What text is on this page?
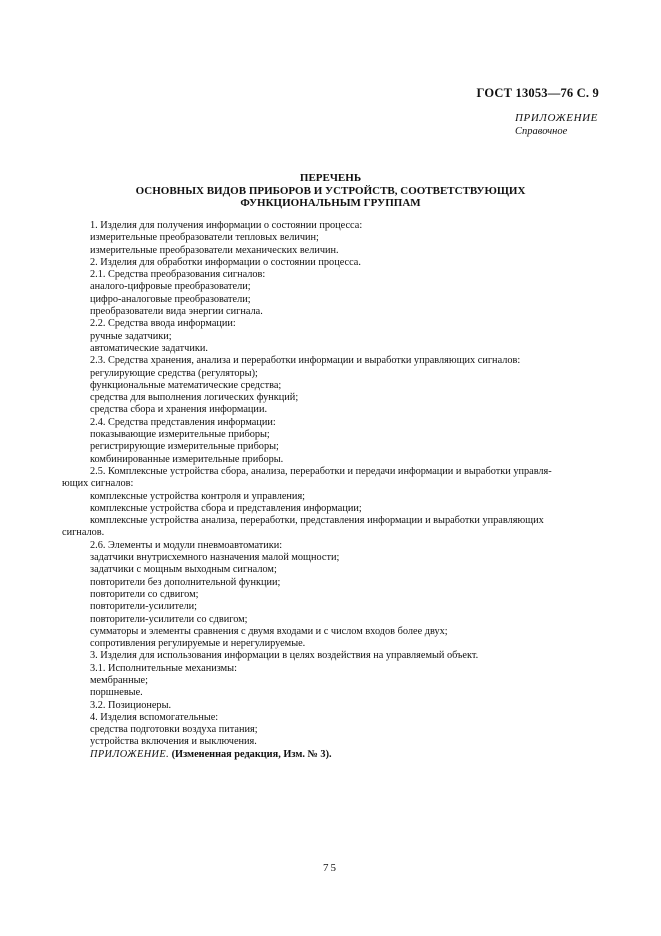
ГОСТ 13053—76 С. 9
ПРИЛОЖЕНИЕ
Справочное
ПЕРЕЧЕНЬ
ОСНОВНЫХ ВИДОВ ПРИБОРОВ И УСТРОЙСТВ, СООТВЕТСТВУЮЩИХ
ФУНКЦИОНАЛЬНЫМ ГРУППАМ
1. Изделия для получения информации о состоянии процесса:
измерительные преобразователи тепловых величин;
измерительные преобразователи механических величин.
2. Изделия для обработки информации о состоянии процесса.
2.1. Средства преобразования сигналов:
аналого-цифровые преобразователи;
цифро-аналоговые преобразователи;
преобразователи вида энергии сигнала.
2.2. Средства ввода информации:
ручные задатчики;
автоматические задатчики.
2.3. Средства хранения, анализа и переработки информации и выработки управляющих сигналов:
регулирующие средства (регуляторы);
функциональные математические средства;
средства для выполнения логических функций;
средства сбора и хранения информации.
2.4. Средства представления информации:
показывающие измерительные приборы;
регистрирующие измерительные приборы;
комбинированные измерительные приборы.
2.5. Комплексные устройства сбора, анализа, переработки и передачи информации и выработки управля-
ющих сигналов:
комплексные устройства контроля и управления;
комплексные устройства сбора и представления информации;
комплексные устройства анализа, переработки, представления информации и выработки управляющих
сигналов.
2.6. Элементы и модули пневмоавтоматики:
задатчики внутрисхемного назначения малой мощности;
задатчики с мощным выходным сигналом;
повторители без дополнительной функции;
повторители со сдвигом;
повторители-усилители;
повторители-усилители со сдвигом;
сумматоры и элементы сравнения с двумя входами и с числом входов более двух;
сопротивления регулируемые и нерегулируемые.
3. Изделия для использования информации в целях воздействия на управляемый объект.
3.1. Исполнительные механизмы:
мембранные;
поршневые.
3.2. Позиционеры.
4. Изделия вспомогательные:
средства подготовки воздуха питания;
устройства включения и выключения.
ПРИЛОЖЕНИЕ. (Измененная редакция, Изм. № 3).
75
